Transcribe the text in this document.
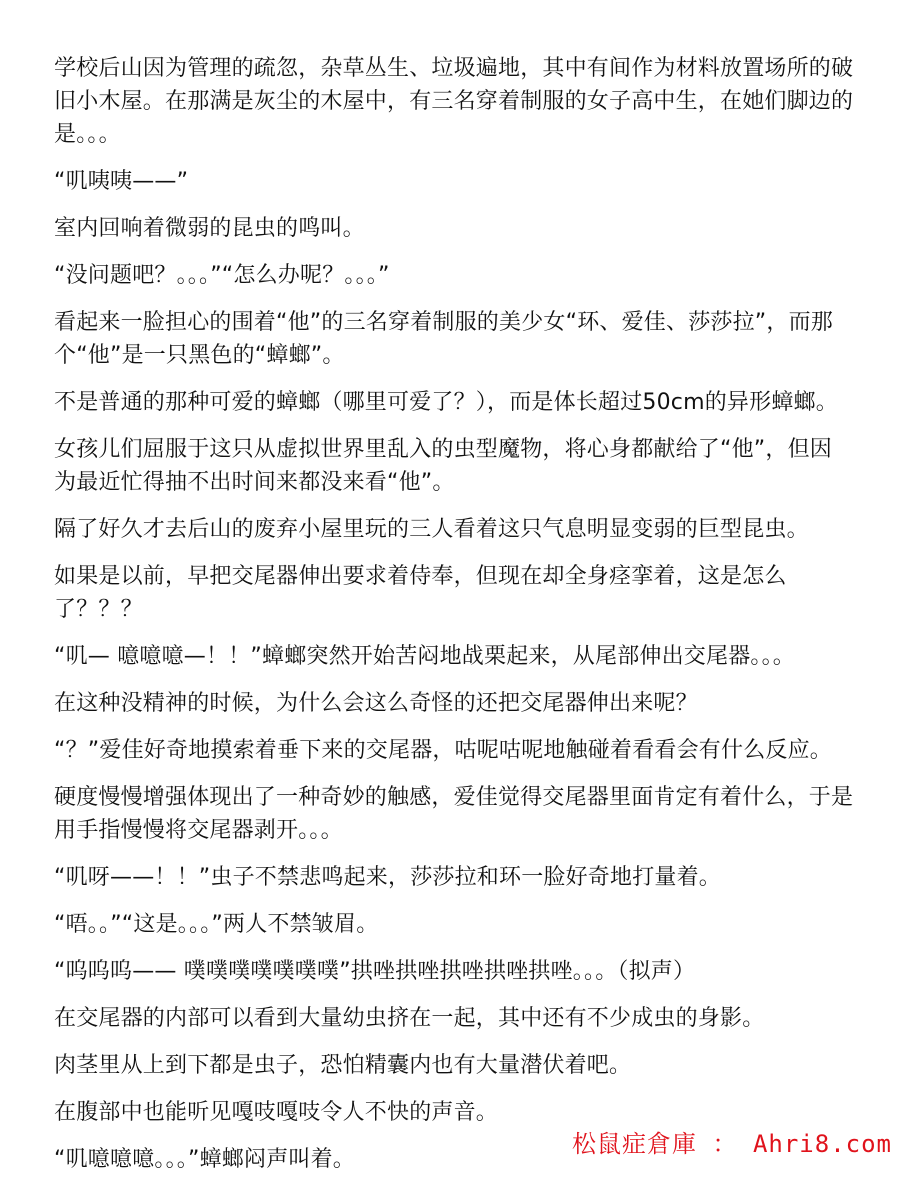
学校后山因为管理的疏忽，杂草丛生、垃圾遍地，其中有间作为材料放置场所的破旧小木屋。在那满是灰尘的木屋中，有三名穿着制服的女子高中生，在她们脚边的是。。。

“叽咦咦——”

室内回响着微弱的昆虫的鸣叫。

“没问题吧？。。。”“怎么办呢？。。。”

看起来一脸担心的围着“他”的三名穿着制服的美少女“环、爱佳、莎莎拉”，而那个“他”是一只黑色的“蟑螂”。

不是普通的那种可爱的蟑螂（哪里可爱了？），而是体长超过50cm的异形蟑螂。

女孩儿们屈服于这只从虚拟世界里乱入的虫型魔物，将心身都献给了“他”，但因为最近忙得抽不出时间来都没来看“他”。

隔了好久才去后山的废弃小屋里玩的三人看着这只气息明显变弱的巨型昆虫。

如果是以前，早把交尾器伸出要求着侍奉，但现在却全身痉挛着，这是怎么了？？？

“叽— 噫噫噫—！！”蟑螂突然开始苦闷地战栗起来，从尾部伸出交尾器。。。

在这种没精神的时候，为什么会这么奇怪的还把交尾器伸出来呢？

“？”爱佳好奇地摸索着垂下来的交尾器，咕呢咕呢地触碰着看看会有什么反应。

硬度慢慢增强体现出了一种奇妙的触感，爱佳觉得交尾器里面肯定有着什么，于是用手指慢慢将交尾器剥开。。。

“叽呀——！！”虫子不禁悲鸣起来，莎莎拉和环一脸好奇地打量着。

“唔。。”“这是。。。”两人不禁皱眉。

“呜呜呜—— 噗噗噗噗噗噗噗”拱唑拱唑拱唑拱唑拱唑。。。（拟声）

在交尾器的内部可以看到大量幼虫挤在一起，其中还有不少成虫的身影。

肉茎里从上到下都是虫子，恐怕精囊内也有大量潜伏着吧。

在腹部中也能听见嘎吱嘎吱令人不快的声音。

“叽噫噫噫。。。”蟑螂闷声叫着。

松鼠症倉庫 ： Ahri8.com
